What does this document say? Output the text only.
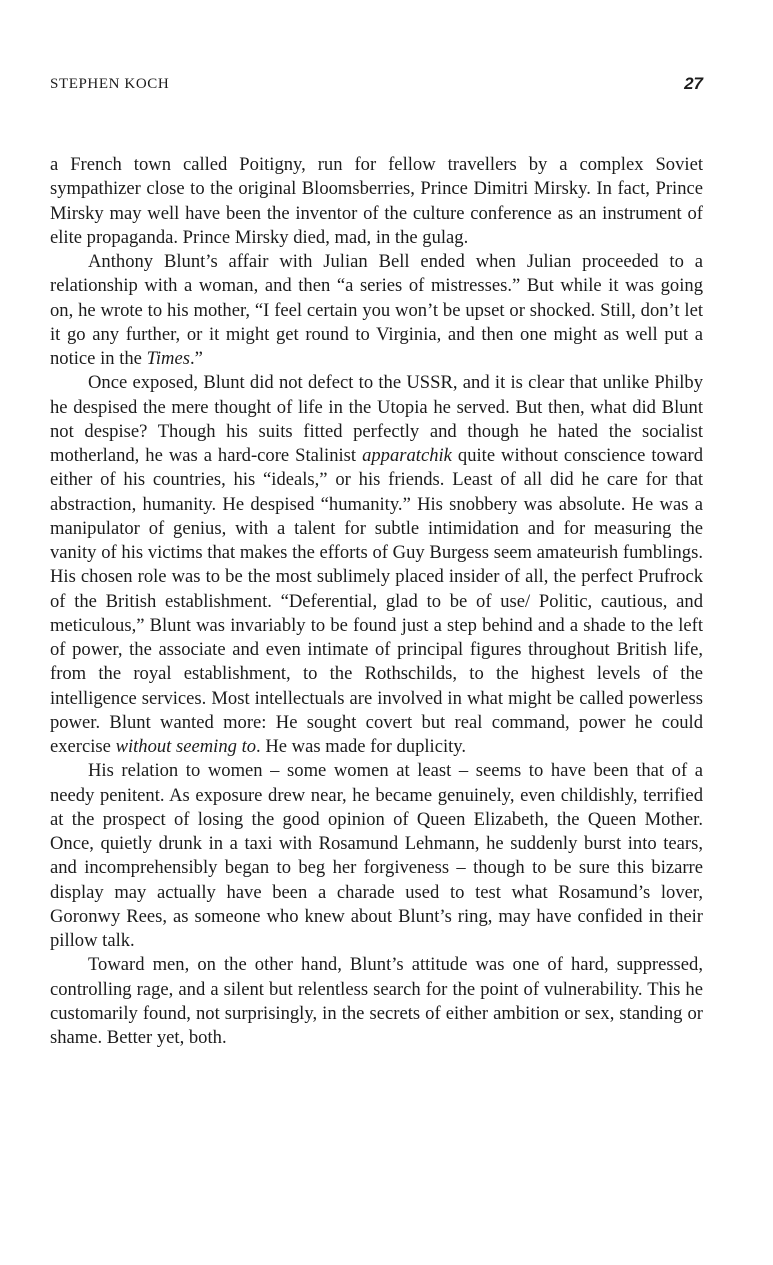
STEPHEN KOCH	27

a French town called Poitigny, run for fellow travellers by a complex Soviet sympathizer close to the original Bloomsberries, Prince Dimitri Mirsky. In fact, Prince Mirsky may well have been the inventor of the culture conference as an instrument of elite propaganda. Prince Mirsky died, mad, in the gulag.

Anthony Blunt’s affair with Julian Bell ended when Julian proceeded to a relationship with a woman, and then “a series of mistresses.” But while it was going on, he wrote to his mother, “I feel certain you won’t be upset or shocked. Still, don’t let it go any further, or it might get round to Virginia, and then one might as well put a notice in the Times.”

Once exposed, Blunt did not defect to the USSR, and it is clear that unlike Philby he despised the mere thought of life in the Utopia he served. But then, what did Blunt not despise? Though his suits fitted perfectly and though he hated the socialist motherland, he was a hard-core Stalinist apparatchik quite without conscience toward either of his countries, his “ideals,” or his friends. Least of all did he care for that abstraction, humanity. He despised “humanity.” His snobbery was absolute. He was a manipulator of genius, with a talent for subtle intimidation and for measuring the vanity of his victims that makes the efforts of Guy Burgess seem amateurish fumblings. His chosen role was to be the most sublimely placed insider of all, the perfect Prufrock of the British establishment. “Deferential, glad to be of use/ Politic, cautious, and meticulous,” Blunt was invariably to be found just a step behind and a shade to the left of power, the associate and even intimate of principal figures throughout British life, from the royal establishment, to the Rothschilds, to the highest levels of the intelligence services. Most intellectuals are involved in what might be called powerless power. Blunt wanted more: He sought covert but real command, power he could exercise without seeming to. He was made for duplicity.

His relation to women – some women at least – seems to have been that of a needy penitent. As exposure drew near, he became genuinely, even childishly, terrified at the prospect of losing the good opinion of Queen Elizabeth, the Queen Mother. Once, quietly drunk in a taxi with Rosamund Lehmann, he suddenly burst into tears, and incomprehensibly began to beg her forgiveness – though to be sure this bizarre display may actually have been a charade used to test what Rosamund’s lover, Goronwy Rees, as someone who knew about Blunt’s ring, may have confided in their pillow talk.

Toward men, on the other hand, Blunt’s attitude was one of hard, suppressed, controlling rage, and a silent but relentless search for the point of vulnerability. This he customarily found, not surprisingly, in the secrets of either ambition or sex, standing or shame. Better yet, both.
